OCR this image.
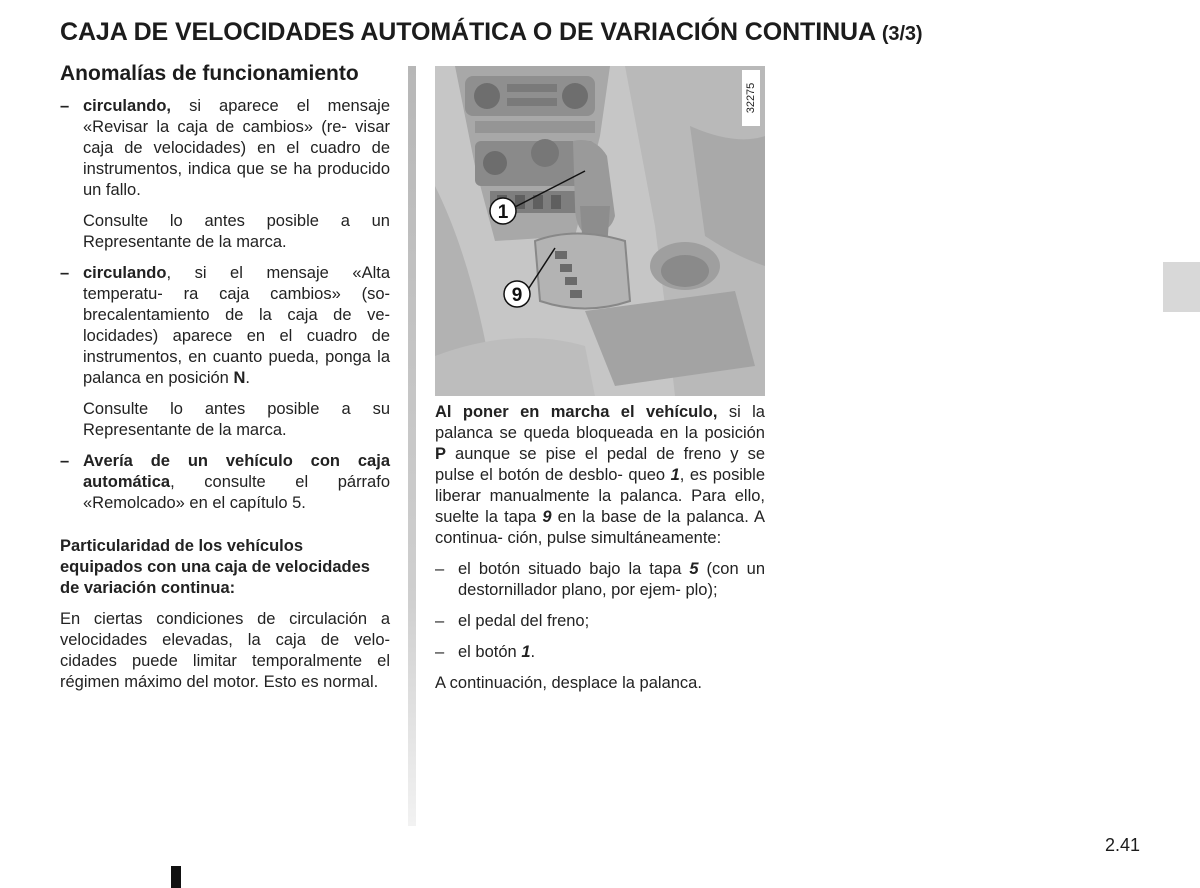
CAJA DE VELOCIDADES AUTOMÁTICA O DE VARIACIÓN CONTINUA (3/3)
Anomalías de funcionamiento
– circulando, si aparece el mensaje «Revisar la caja de cambios» (re- visar caja de velocidades) en el cuadro de instrumentos, indica que se ha producido un fallo.
Consulte lo antes posible a un Representante de la marca.
– circulando, si el mensaje «Alta temperatu- ra caja cambios» (so- brecalentamiento de la caja de ve- locidades) aparece en el cuadro de instrumentos, en cuanto pueda, ponga la palanca en posición N.
Consulte lo antes posible a su Representante de la marca.
– Avería de un vehículo con caja automática, consulte el párrafo «Remolcado» en el capítulo 5.
Particularidad de los vehículos equipados con una caja de velocidades de variación continua:
En ciertas condiciones de circulación a velocidades elevadas, la caja de velo- cidades puede limitar temporalmente el régimen máximo del motor. Esto es normal.
1
9
32275
Al poner en marcha el vehículo, si la palanca se queda bloqueada en la posición P aunque se pise el pedal de freno y se pulse el botón de desblo- queo 1, es posible liberar manualmente la palanca. Para ello, suelte la tapa 9 en la base de la palanca. A continua- ción, pulse simultáneamente:
– el botón situado bajo la tapa 5 (con un destornillador plano, por ejem- plo);
– el pedal del freno;
– el botón 1.
A continuación, desplace la palanca.
2.41
